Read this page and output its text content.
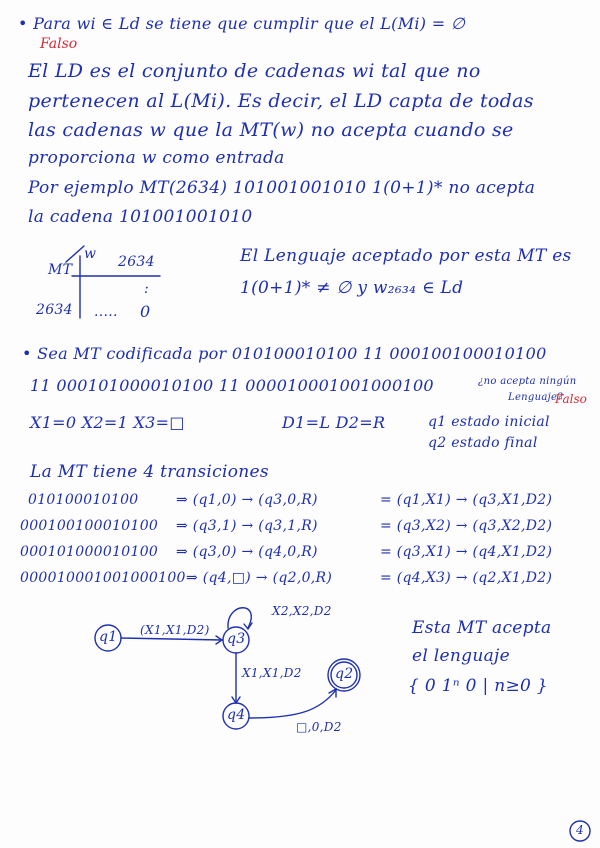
• Para wi ∈ Ld se tiene que cumplir que el L(Mi) = ∅
Falso
El LD es el conjunto de cadenas wi tal que no
pertenecen al L(Mi). Es decir, el LD capta de todas
las cadenas w que la MT(w) no acepta cuando se
proporciona w como entrada
Por ejemplo MT(2634) 101001001010 1(0+1)* no acepta
la cadena 101001001010
MT
w 2634
2634 ..... 0
:
El Lenguaje aceptado por esta MT es
1(0+1)* ≠ ∅ y w₂₆₃₄ ∈ Ld
• Sea MT codificada por 010100010100 11 000100100010100
11 000101000010100 11 000010001001000100	¿no acepta ningún
Lenguaje?
Falso
X1=0 X2=1 X3=□	D1=L D2=R	q1 estado inicial
q2 estado final
La MT tiene 4 transiciones
010100010100	⇒ (q1,0) → (q3,0,R)	= (q1,X1) → (q3,X1,D2)
000100100010100 ⇒ (q3,1) → (q3,1,R)	= (q3,X2) → (q3,X2,D2)
000101000010100 ⇒ (q3,0) → (q4,0,R)	= (q3,X1) → (q4,X1,D2)
000010001001000100 ⇒ (q4,□) → (q2,0,R)	= (q4,X3) → (q2,X1,D2)
q1	q3
q4
q2
(X1,X1,D2)
X2,X2,D2
X1,X1,D2
□,0,D2
Esta MT acepta
el lenguaje
{ 0 1ⁿ 0 | n≥0 }
4
